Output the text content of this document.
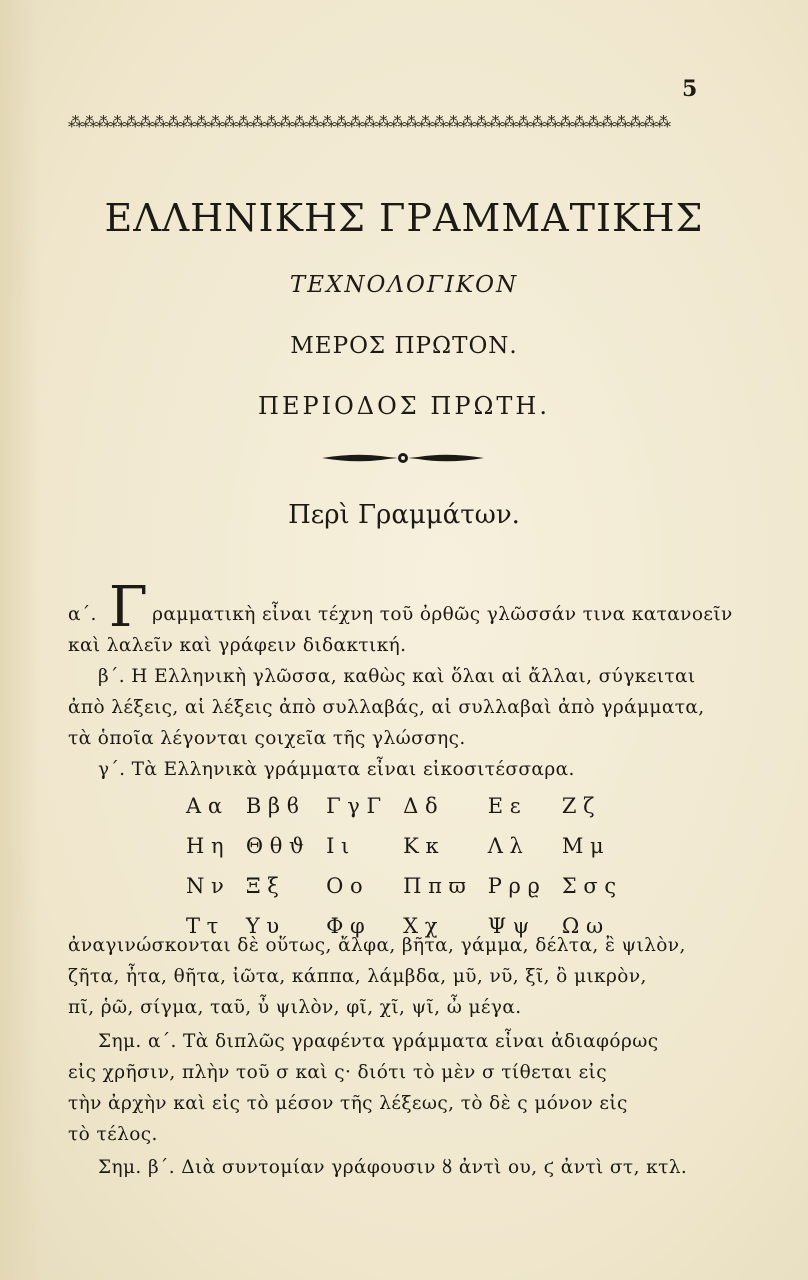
5
⁂⁂⁂⁂⁂⁂⁂⁂⁂⁂⁂⁂⁂⁂⁂⁂⁂⁂⁂⁂⁂⁂⁂⁂⁂⁂⁂⁂⁂⁂⁂⁂⁂⁂⁂⁂⁂⁂⁂⁂⁂⁂⁂
ΕΛΛΗΝΙΚΗΣ ΓΡΑΜΜΑΤΙΚΗΣ
ΤΕΧΝΟΛΟΓΙΚΟΝ
ΜΕΡΟΣ ΠΡΩΤΟΝ.
ΠΕΡΙΟΔΟΣ ΠΡΩΤΗ.
Περὶ Γραμμάτων.
α΄. Γ ραμματικὴ εἶναι τέχνη τοῦ ὀρθῶς γλῶσσάν τινα κατανοεῖν
καὶ λαλεῖν καὶ γράφειν διδακτική.
β΄. Η Ελληνικὴ γλῶσσα, καθὼς καὶ ὅλαι αἱ ἄλλαι, σύγκειται
ἀπὸ λέξεις, αἱ λέξεις ἀπὸ συλλαβάς, αἱ συλλαβαὶ ἀπὸ γράμματα,
τὰ ὁποῖα λέγονται ςοιχεῖα τῆς γλώσσης.
γ΄. Τὰ Ελληνικὰ γράμματα εἶναι εἰκοσιτέσσαρα.
Α α	Β β ϐ	Γ γ Γ	Δ δ	Ε ε	Ζ ζ
Η η	Θ θ ϑ	Ι ι	Κ κ	Λ λ	Μ μ
Ν ν	Ξ ξ	Ο ο	Π π ϖ	Ρ ρ ϱ	Σ σ ς
Τ τ	Υ υ	Φ φ	Χ χ	Ψ ψ	Ω ω
ἀναγινώσκονται δὲ οὕτως, ἄλφα, βῆτα, γάμμα, δέλτα, ἒ ψιλὸν,
ζῆτα, ἦτα, θῆτα, ἰῶτα, κάππα, λάμβδα, μῦ, νῦ, ξῖ, ὂ μικρὸν,
πῖ, ῥῶ, σίγμα, ταῦ, ὖ ψιλὸν, φῖ, χῖ, ψῖ, ὦ μέγα.
Σημ. α΄. Τὰ διπλῶς γραφέντα γράμματα εἶναι ἀδιαφόρως
εἰς χρῆσιν, πλὴν τοῦ σ καὶ ς· διότι τὸ μὲν σ τίθεται εἰς
τὴν ἀρχὴν καὶ εἰς τὸ μέσον τῆς λέξεως, τὸ δὲ ς μόνον εἰς
τὸ τέλος.
Σημ. β΄. Διὰ συντομίαν γράφουσιν ȣ ἀντὶ ου, ϛ ἀντὶ στ, κτλ.
